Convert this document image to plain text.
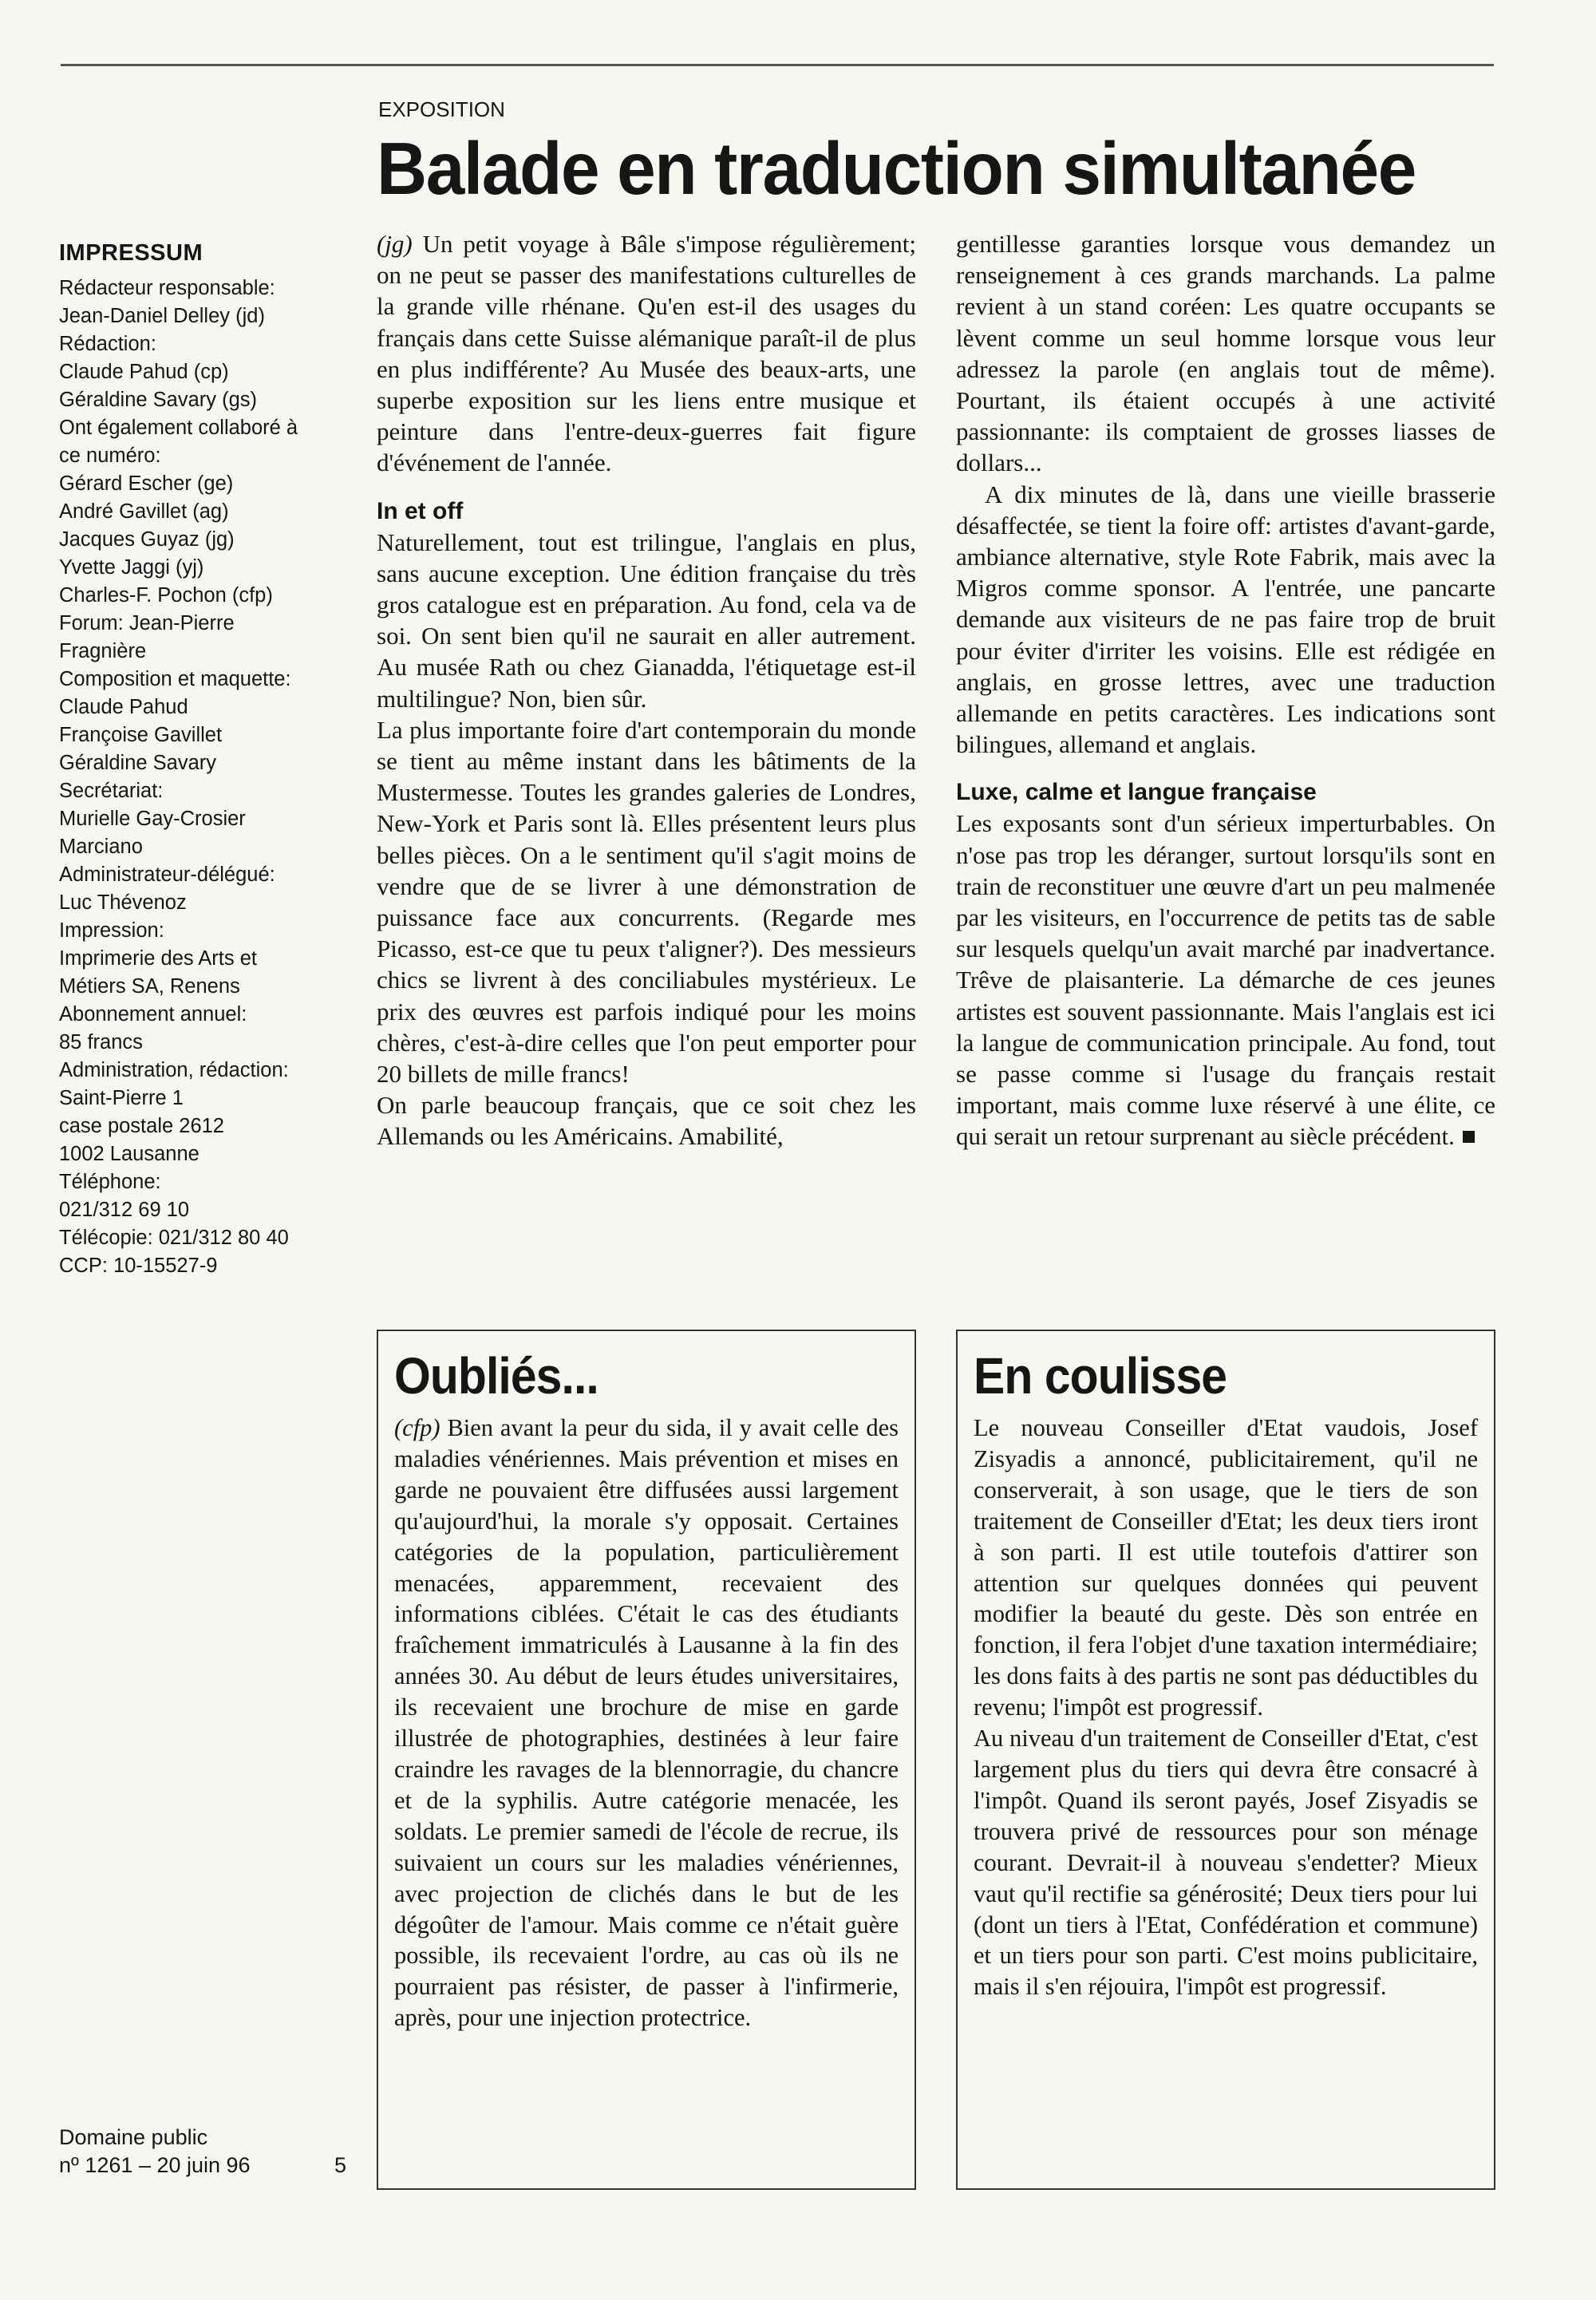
IMPRESSUM
Rédacteur responsable:
Jean-Daniel Delley (jd)
Rédaction:
Claude Pahud (cp)
Géraldine Savary (gs)
Ont également collaboré à
ce numéro:
Gérard Escher (ge)
André Gavillet (ag)
Jacques Guyaz (jg)
Yvette Jaggi (yj)
Charles-F. Pochon (cfp)
Forum: Jean-Pierre
Fragnière
Composition et maquette:
Claude Pahud
Françoise Gavillet
Géraldine Savary
Secrétariat:
Murielle Gay-Crosier
Marciano
Administrateur-délégué:
Luc Thévenoz
Impression:
Imprimerie des Arts et
Métiers SA, Renens
Abonnement annuel:
85 francs
Administration, rédaction:
Saint-Pierre 1
case postale 2612
1002 Lausanne
Téléphone:
021/312 69 10
Télécopie: 021/312 80 40
CCP: 10-15527-9
Domaine public
nº 1261 – 20 juin 96	5
EXPOSITION
Balade en traduction simultanée

(jg) Un petit voyage à Bâle s'impose régulièrement; on ne peut se passer des manifestations culturelles de la grande ville rhénane. Qu'en est-il des usages du français dans cette Suisse alémanique paraît-il de plus en plus indifférente? Au Musée des beaux-arts, une superbe exposition sur les liens entre musique et peinture dans l'entre-deux-guerres fait figure d'événement de l'année.

In et off

Naturellement, tout est trilingue, l'anglais en plus, sans aucune exception. Une édition française du très gros catalogue est en préparation. Au fond, cela va de soi. On sent bien qu'il ne saurait en aller autrement. Au musée Rath ou chez Gianadda, l'étiquetage est-il multilingue? Non, bien sûr.

La plus importante foire d'art contemporain du monde se tient au même instant dans les bâtiments de la Mustermesse. Toutes les grandes galeries de Londres, New-York et Paris sont là. Elles présentent leurs plus belles pièces. On a le sentiment qu'il s'agit moins de vendre que de se livrer à une démonstration de puissance face aux concurrents. (Regarde mes Picasso, est-ce que tu peux t'aligner?). Des messieurs chics se livrent à des conciliabules mystérieux. Le prix des œuvres est parfois indiqué pour les moins chères, c'est-à-dire celles que l'on peut emporter pour 20 billets de mille francs!

On parle beaucoup français, que ce soit chez les Allemands ou les Américains. Amabilité,

gentillesse garanties lorsque vous demandez un renseignement à ces grands marchands. La palme revient à un stand coréen: Les quatre occupants se lèvent comme un seul homme lorsque vous leur adressez la parole (en anglais tout de même). Pourtant, ils étaient occupés à une activité passionnante: ils comptaient de grosses liasses de dollars...

A dix minutes de là, dans une vieille brasserie désaffectée, se tient la foire off: artistes d'avant-garde, ambiance alternative, style Rote Fabrik, mais avec la Migros comme sponsor. A l'entrée, une pancarte demande aux visiteurs de ne pas faire trop de bruit pour éviter d'irriter les voisins. Elle est rédigée en anglais, en grosse lettres, avec une traduction allemande en petits caractères. Les indications sont bilingues, allemand et anglais.

Luxe, calme et langue française

Les exposants sont d'un sérieux imperturbables. On n'ose pas trop les déranger, surtout lorsqu'ils sont en train de reconstituer une œuvre d'art un peu malmenée par les visiteurs, en l'occurrence de petits tas de sable sur lesquels quelqu'un avait marché par inadvertance. Trêve de plaisanterie. La démarche de ces jeunes artistes est souvent passionnante. Mais l'anglais est ici la langue de communication principale. Au fond, tout se passe comme si l'usage du français restait important, mais comme luxe réservé à une élite, ce qui serait un retour surprenant au siècle précédent.

Oubliés...

(cfp) Bien avant la peur du sida, il y avait celle des maladies vénériennes. Mais prévention et mises en garde ne pouvaient être diffusées aussi largement qu'aujourd'hui, la morale s'y opposait. Certaines catégories de la population, particulièrement menacées, apparemment, recevaient des informations ciblées. C'était le cas des étudiants fraîchement immatriculés à Lausanne à la fin des années 30. Au début de leurs études universitaires, ils recevaient une brochure de mise en garde illustrée de photographies, destinées à leur faire craindre les ravages de la blennorragie, du chancre et de la syphilis. Autre catégorie menacée, les soldats. Le premier samedi de l'école de recrue, ils suivaient un cours sur les maladies vénériennes, avec projection de clichés dans le but de les dégoûter de l'amour. Mais comme ce n'était guère possible, ils recevaient l'ordre, au cas où ils ne pourraient pas résister, de passer à l'infirmerie, après, pour une injection protectrice.

En coulisse

Le nouveau Conseiller d'Etat vaudois, Josef Zisyadis a annoncé, publicitairement, qu'il ne conserverait, à son usage, que le tiers de son traitement de Conseiller d'Etat; les deux tiers iront à son parti. Il est utile toutefois d'attirer son attention sur quelques données qui peuvent modifier la beauté du geste. Dès son entrée en fonction, il fera l'objet d'une taxation intermédiaire; les dons faits à des partis ne sont pas déductibles du revenu; l'impôt est progressif.

Au niveau d'un traitement de Conseiller d'Etat, c'est largement plus du tiers qui devra être consacré à l'impôt. Quand ils seront payés, Josef Zisyadis se trouvera privé de ressources pour son ménage courant. Devrait-il à nouveau s'endetter? Mieux vaut qu'il rectifie sa générosité; Deux tiers pour lui (dont un tiers à l'Etat, Confédération et commune) et un tiers pour son parti. C'est moins publicitaire, mais il s'en réjouira, l'impôt est progressif.
